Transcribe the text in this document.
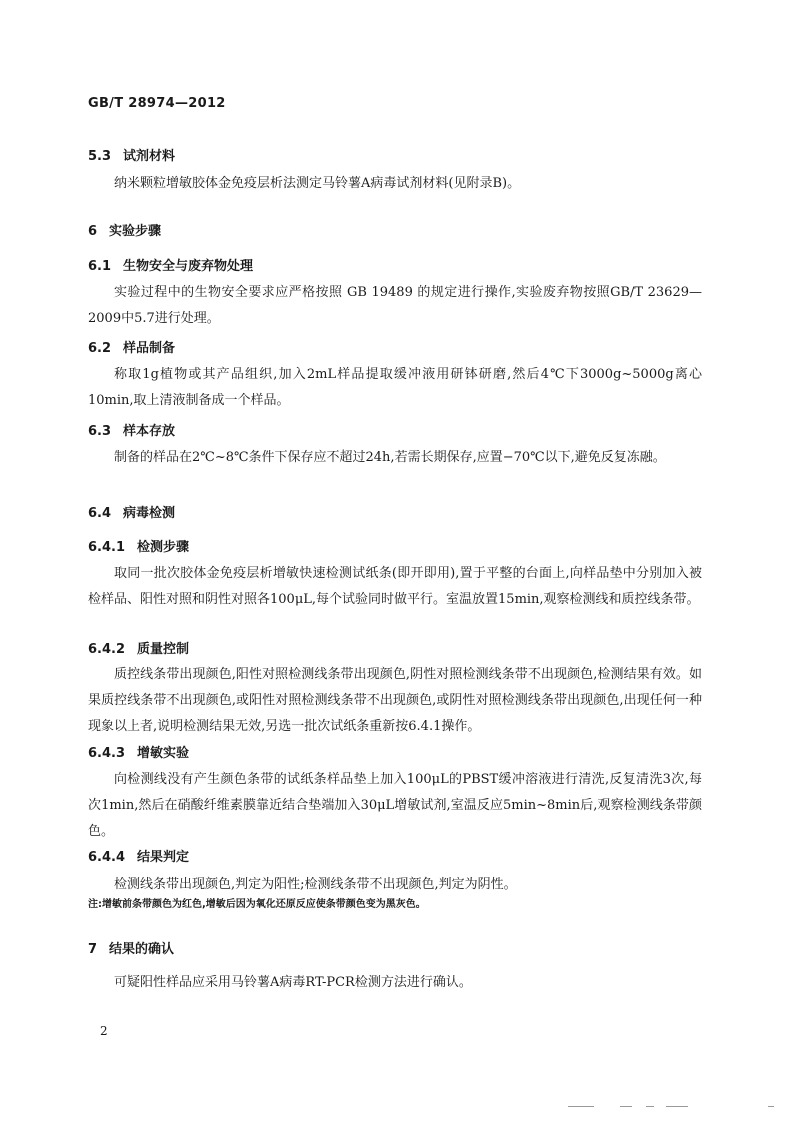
GB/T 28974—2012
5.3 试剂材料
纳米颗粒增敏胶体金免疫层析法测定马铃薯A病毒试剂材料(见附录B)。
6 实验步骤
6.1 生物安全与废弃物处理
实验过程中的生物安全要求应严格按照 GB 19489 的规定进行操作,实验废弃物按照GB/T 23629—2009中5.7进行处理。
6.2 样品制备
称取1g植物或其产品组织,加入2mL样品提取缓冲液用研钵研磨,然后4℃下3000g~5000g离心10min,取上清液制备成一个样品。
6.3 样本存放
制备的样品在2℃~8℃条件下保存应不超过24h,若需长期保存,应置−70℃以下,避免反复冻融。
6.4 病毒检测
6.4.1 检测步骤
取同一批次胶体金免疫层析增敏快速检测试纸条(即开即用),置于平整的台面上,向样品垫中分别加入被检样品、阳性对照和阴性对照各100μL,每个试验同时做平行。室温放置15min,观察检测线和质控线条带。
6.4.2 质量控制
质控线条带出现颜色,阳性对照检测线条带出现颜色,阴性对照检测线条带不出现颜色,检测结果有效。如果质控线条带不出现颜色,或阳性对照检测线条带不出现颜色,或阴性对照检测线条带出现颜色,出现任何一种现象以上者,说明检测结果无效,另选一批次试纸条重新按6.4.1操作。
6.4.3 增敏实验
向检测线没有产生颜色条带的试纸条样品垫上加入100μL的PBST缓冲溶液进行清洗,反复清洗3次,每次1min,然后在硝酸纤维素膜靠近结合垫端加入30μL增敏试剂,室温反应5min~8min后,观察检测线条带颜色。
6.4.4 结果判定
检测线条带出现颜色,判定为阳性;检测线条带不出现颜色,判定为阴性。
注:增敏前条带颜色为红色,增敏后因为氧化还原反应使条带颜色变为黑灰色。
7 结果的确认
可疑阳性样品应采用马铃薯A病毒RT-PCR检测方法进行确认。
2
